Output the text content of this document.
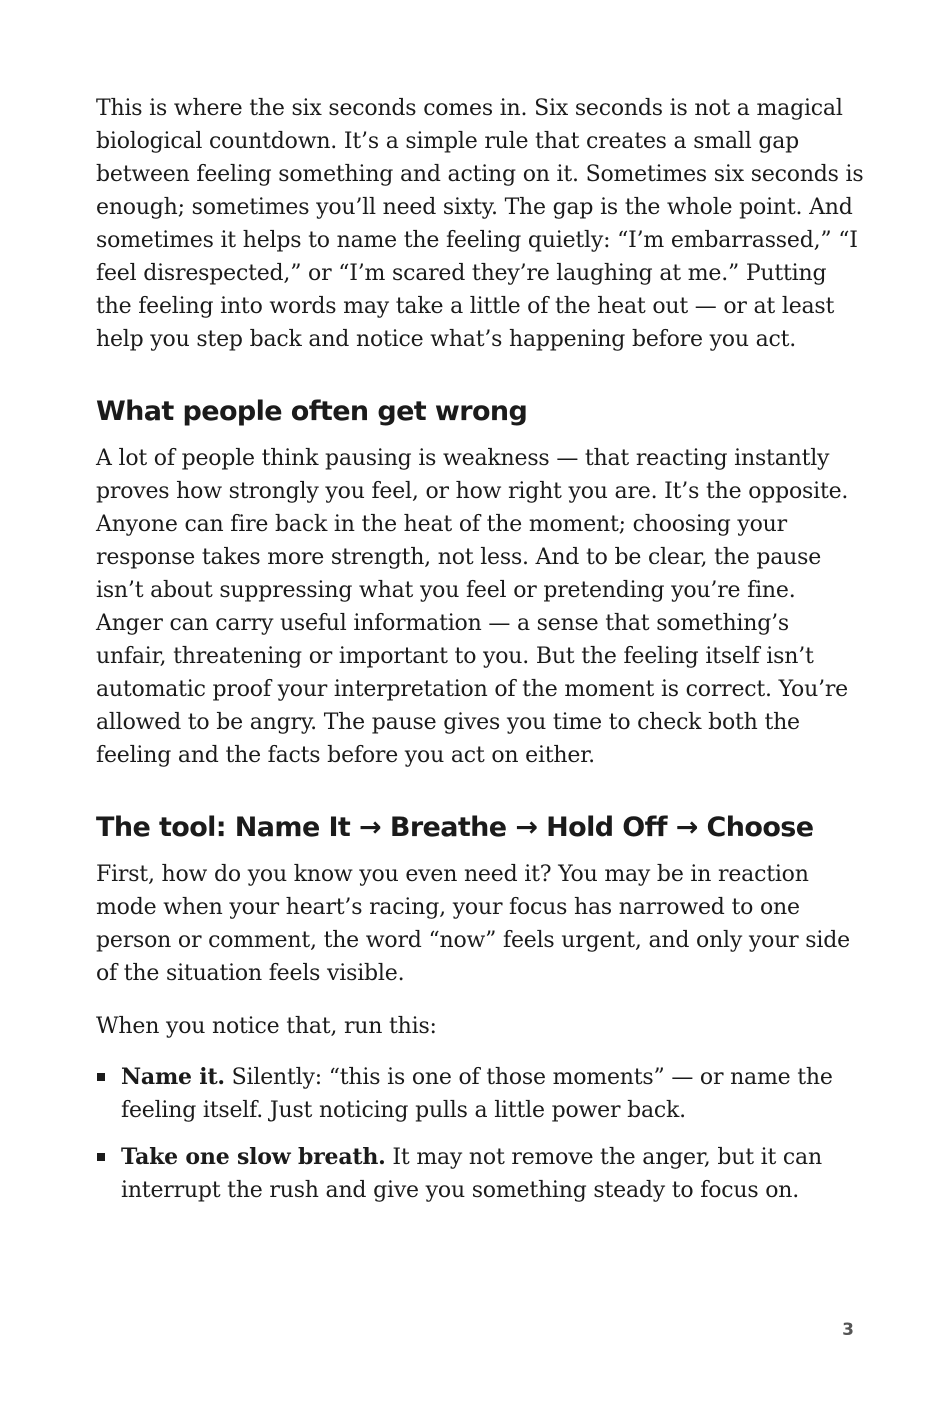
This is where the six seconds comes in. Six seconds is not a magical biological countdown. It’s a simple rule that creates a small gap between feeling something and acting on it. Sometimes six seconds is enough; sometimes you’ll need sixty. The gap is the whole point. And sometimes it helps to name the feeling quietly: “I’m embarrassed,” “I feel disrespected,” or “I’m scared they’re laughing at me.” Putting the feeling into words may take a little of the heat out — or at least help you step back and notice what’s happening before you act.

What people often get wrong

A lot of people think pausing is weakness — that reacting instantly proves how strongly you feel, or how right you are. It’s the opposite. Anyone can fire back in the heat of the moment; choosing your response takes more strength, not less. And to be clear, the pause isn’t about suppressing what you feel or pretending you’re fine. Anger can carry useful information — a sense that something’s unfair, threatening or important to you. But the feeling itself isn’t automatic proof your interpretation of the moment is correct. You’re allowed to be angry. The pause gives you time to check both the feeling and the facts before you act on either.

The tool: Name It → Breathe → Hold Off → Choose

First, how do you know you even need it? You may be in reaction mode when your heart’s racing, your focus has narrowed to one person or comment, the word “now” feels urgent, and only your side of the situation feels visible.

When you notice that, run this:

Name it. Silently: “this is one of those moments” — or name the feeling itself. Just noticing pulls a little power back.
Take one slow breath. It may not remove the anger, but it can interrupt the rush and give you something steady to focus on.
3
